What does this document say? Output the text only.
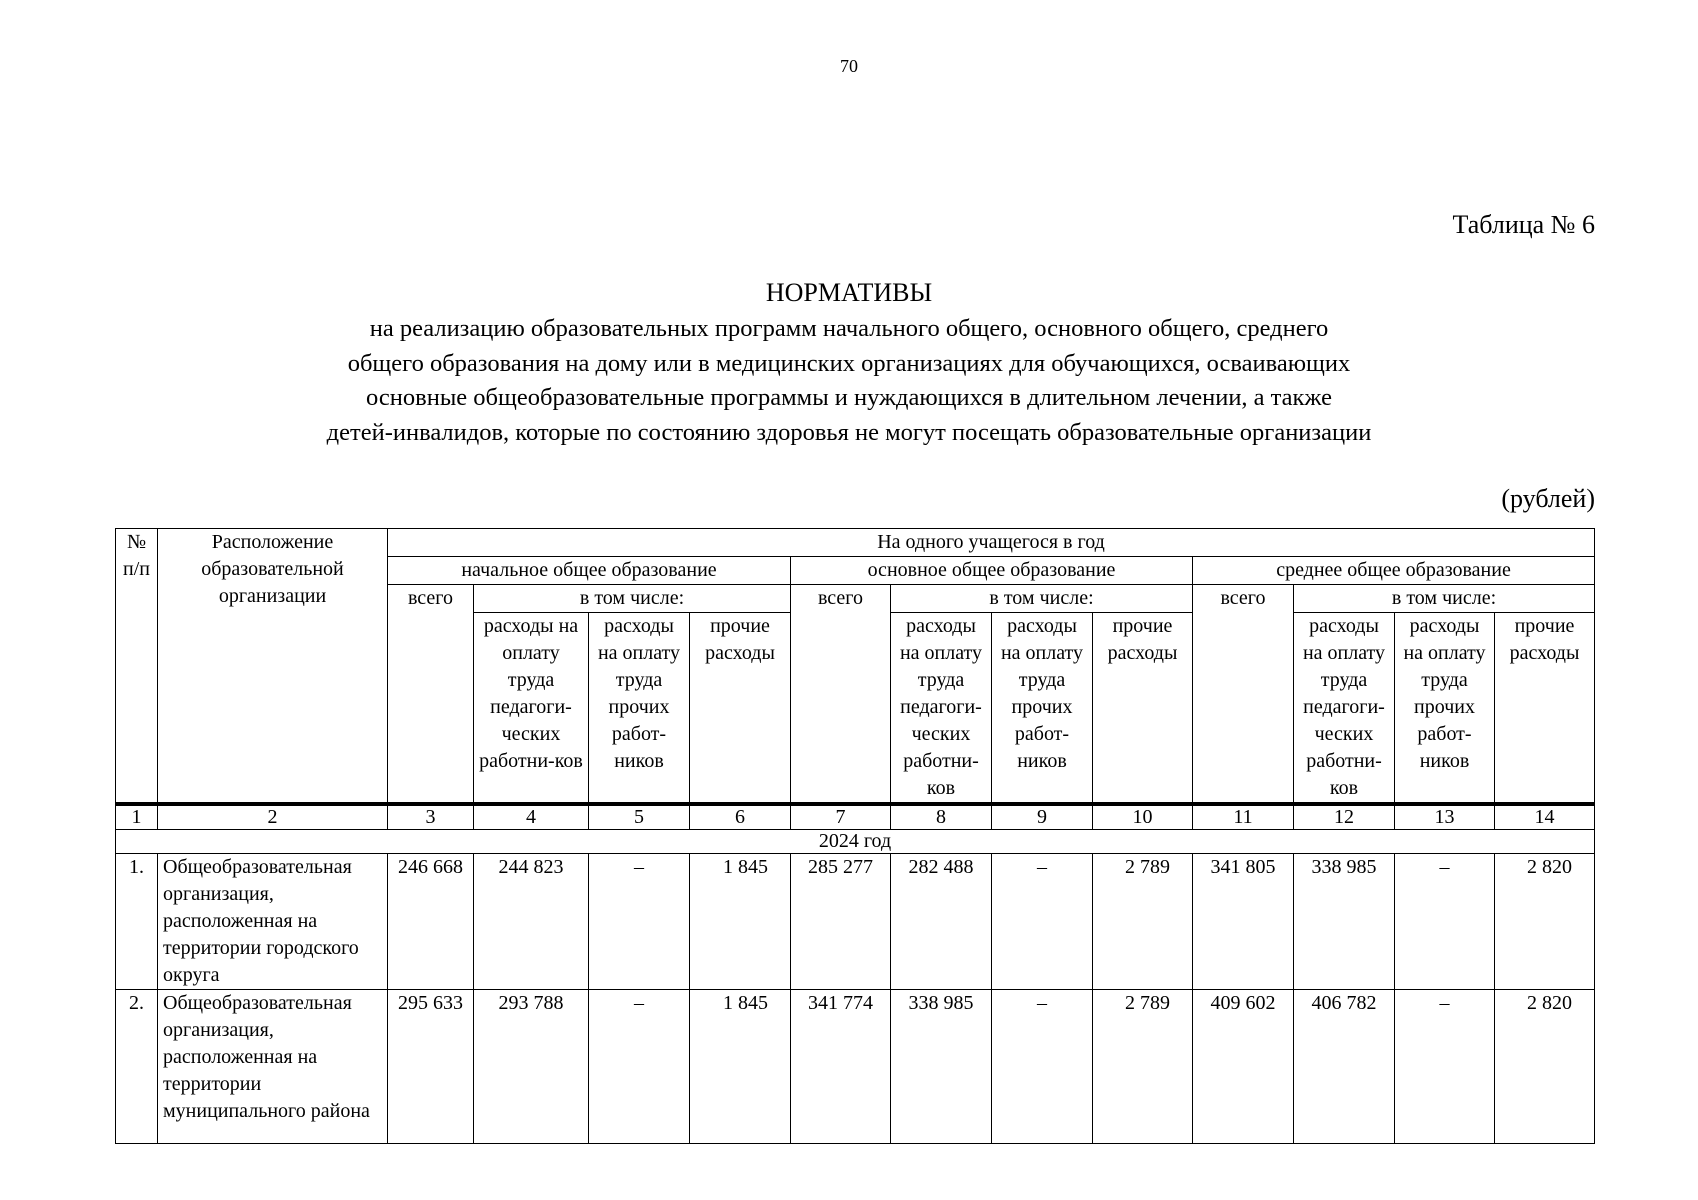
70
Таблица № 6
НОРМАТИВЫ
на реализацию образовательных программ начального общего, основного общего, среднего
общего образования на дому или в медицинских организациях для обучающихся, осваивающих
основные общеобразовательные программы и нуждающихся в длительном лечении, а также
детей-инвалидов, которые по состоянию здоровья не могут посещать образовательные организации
(рублей)
№ п/п	Расположение образовательной организации	На одного учащегося в год											
		начальное общее образование				основное общее образование				среднее общее образование			
		всего	в том числе:			всего	в том числе:			всего	в том числе:		
			расходы на оплату труда педагоги-ческих работни-ков	расходы на оплату труда прочих работ-ников	прочие расходы		расходы на оплату труда педагоги-ческих работни-ков	расходы на оплату труда прочих работ-ников	прочие расходы		расходы на оплату труда педагоги-ческих работни-ков	расходы на оплату труда прочих работ-ников	прочие расходы
1	2	3	4	5	6	7	8	9	10	11	12	13	14
2024 год													
1.	Общеобразовательная организация, расположенная на территории городского округа	246 668	244 823	–	1 845	285 277	282 488	–	2 789	341 805	338 985	–	2 820
2.	Общеобразовательная организация, расположенная на территории муниципального района	295 633	293 788	–	1 845	341 774	338 985	–	2 789	409 602	406 782	–	2 820
